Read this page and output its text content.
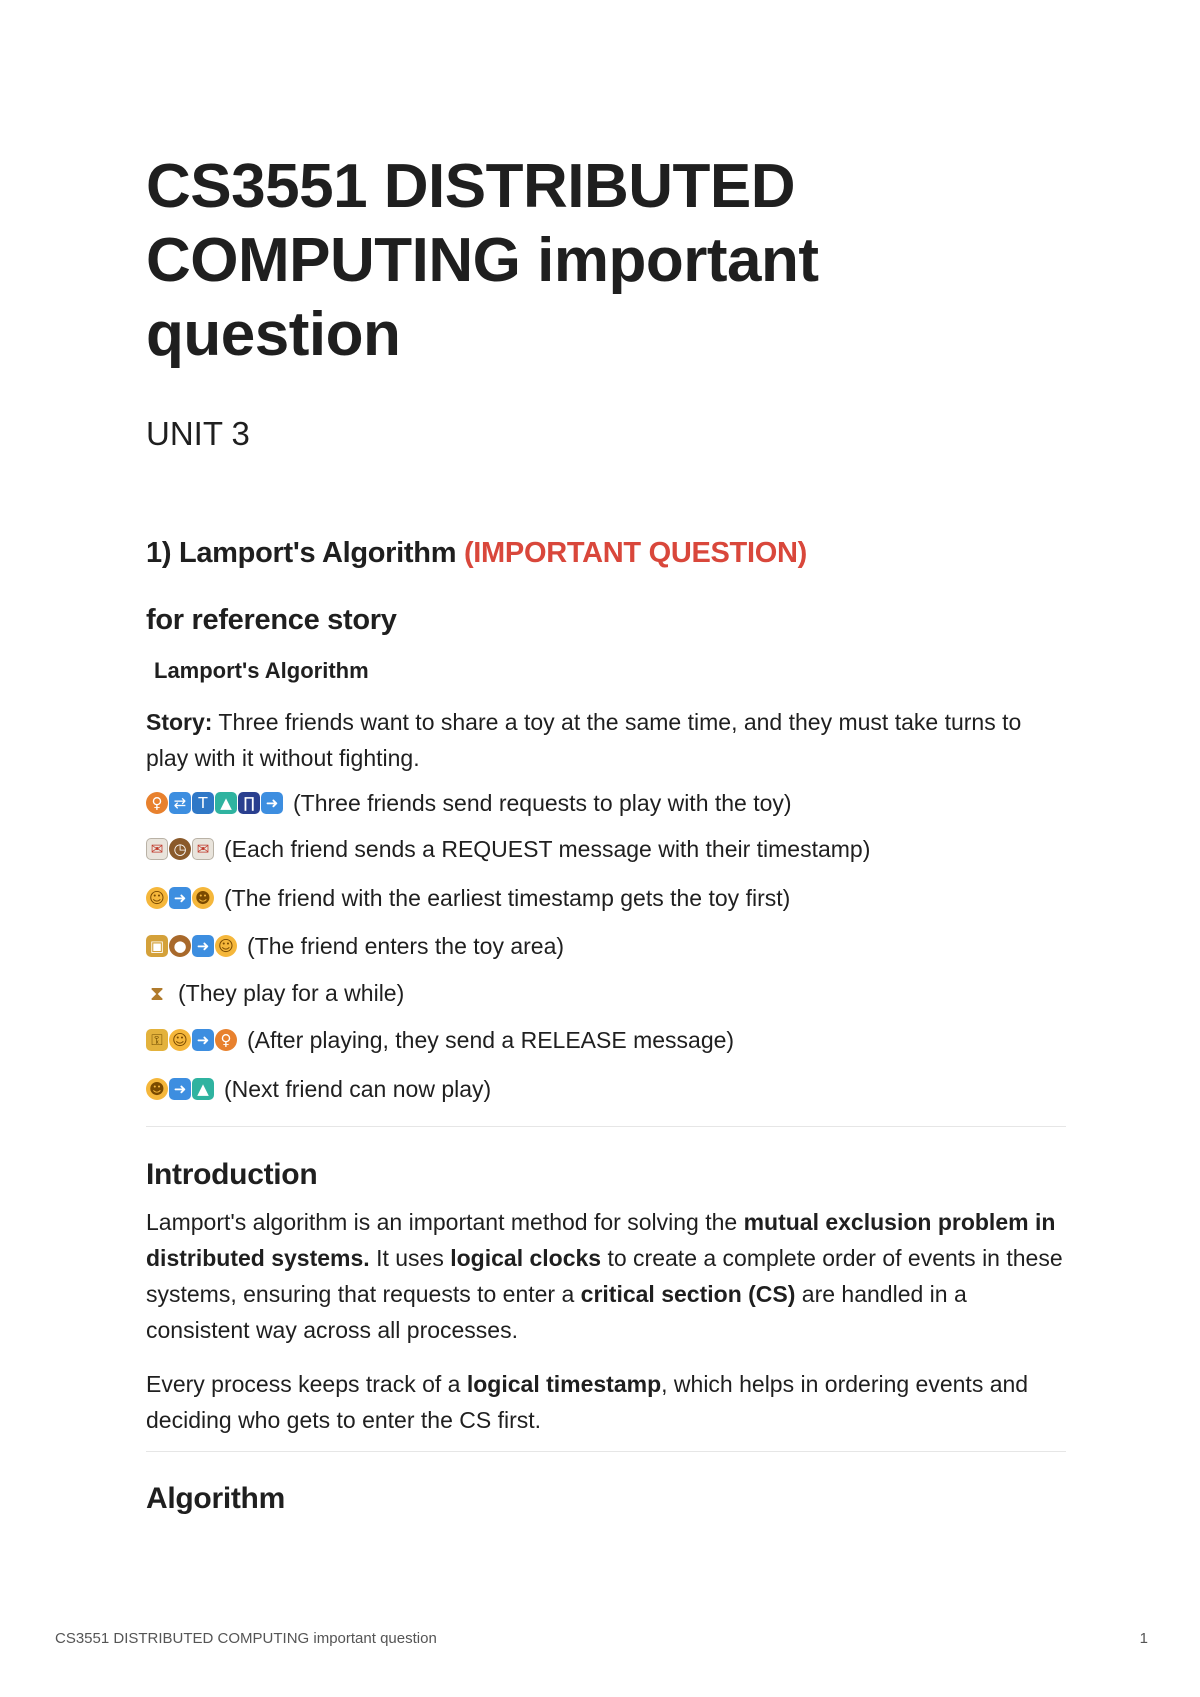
CS3551 DISTRIBUTED COMPUTING important question
UNIT 3
1) Lamport's Algorithm (IMPORTANT QUESTION)
for reference story

Lamport's Algorithm

Story: Three friends want to share a toy at the same time, and they must take turns to play with it without fighting.

♀ ⇄ T ▲ ∏ ➜ (Three friends send requests to play with the toy)
✉ ◷ ✉ (Each friend sends a REQUEST message with their timestamp)
☺ ➜ ☻ (The friend with the earliest timestamp gets the toy first)
▣ ● ➜ ☺ (The friend enters the toy area)
⧗ (They play for a while)
⚿ ☺ ➜ ♀ (After playing, they send a RELEASE message)
☻ ➜ ▲ (Next friend can now play)
Introduction

Lamport's algorithm is an important method for solving the mutual exclusion problem in distributed systems. It uses logical clocks to create a complete order of events in these systems, ensuring that requests to enter a critical section (CS) are handled in a consistent way across all processes.

Every process keeps track of a logical timestamp, which helps in ordering events and deciding who gets to enter the CS first.

Algorithm
CS3551 DISTRIBUTED COMPUTING important question	1
